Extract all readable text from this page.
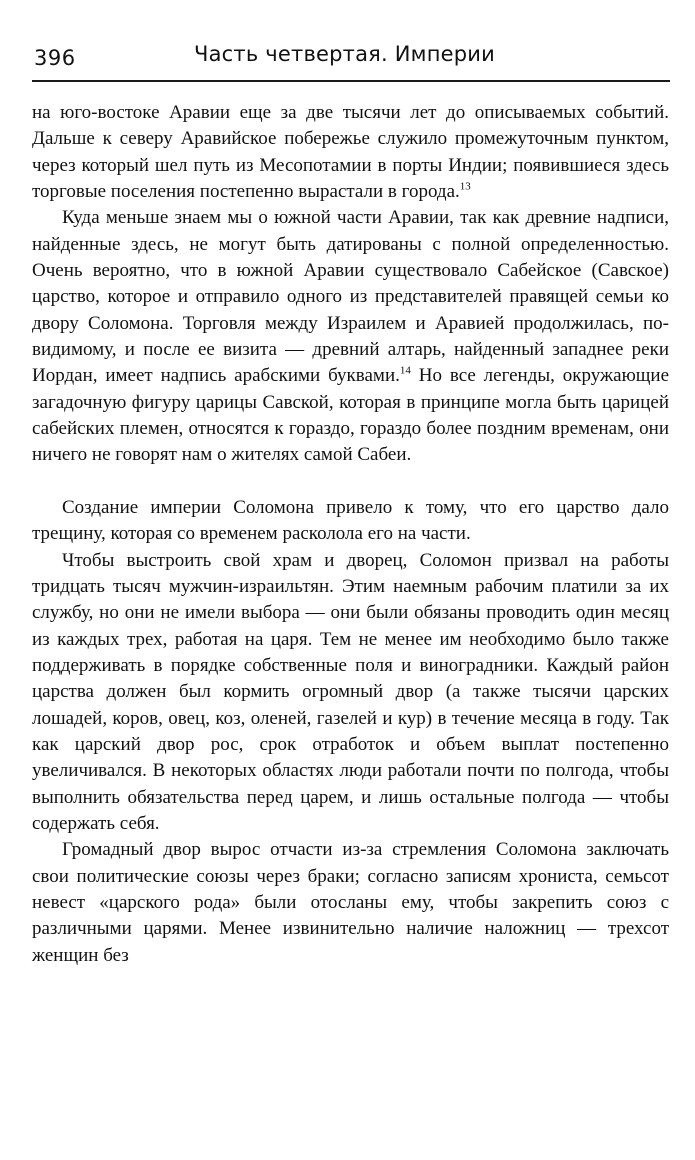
396	Часть четвертая. Империи

на юго-востоке Аравии еще за две тысячи лет до описываемых событий. Дальше к северу Аравийское побережье служило промежуточным пунктом, через который шел путь из Месопотамии в порты Индии; появившиеся здесь торговые поселения постепенно вырастали в города.$^{13}$

Куда меньше знаем мы о южной части Аравии, так как древние надписи, найденные здесь, не могут быть датированы с полной определенностью. Очень вероятно, что в южной Аравии существовало Сабейское (Савское) царство, которое и отправило одного из представителей правящей семьи ко двору Соломона. Торговля между Израилем и Аравией продолжилась, по-видимому, и после ее визита — древний алтарь, найденный западнее реки Иордан, имеет надпись арабскими буквами.$^{14}$ Но все легенды, окружающие загадочную фигуру царицы Савской, которая в принципе могла быть царицей сабейских племен, относятся к гораздо, гораздо более поздним временам, они ничего не говорят нам о жителях самой Сабеи.

Создание империи Соломона привело к тому, что его царство дало трещину, которая со временем расколола его на части.

Чтобы выстроить свой храм и дворец, Соломон призвал на работы тридцать тысяч мужчин-израильтян. Этим наемным рабочим платили за их службу, но они не имели выбора — они были обязаны проводить один месяц из каждых трех, работая на царя. Тем не менее им необходимо было также поддерживать в порядке собственные поля и виноградники. Каждый район царства должен был кормить огромный двор (а также тысячи царских лошадей, коров, овец, коз, оленей, газелей и кур) в течение месяца в году. Так как царский двор рос, срок отработок и объем выплат постепенно увеличивался. В некоторых областях люди работали почти по полгода, чтобы выполнить обязательства перед царем, и лишь остальные полгода — чтобы содержать себя.

Громадный двор вырос отчасти из-за стремления Соломона заключать свои политические союзы через браки; согласно записям хрониста, семьсот невест «царского рода» были отосланы ему, чтобы закрепить союз с различными царями. Менее извинительно наличие наложниц — трехсот женщин без
